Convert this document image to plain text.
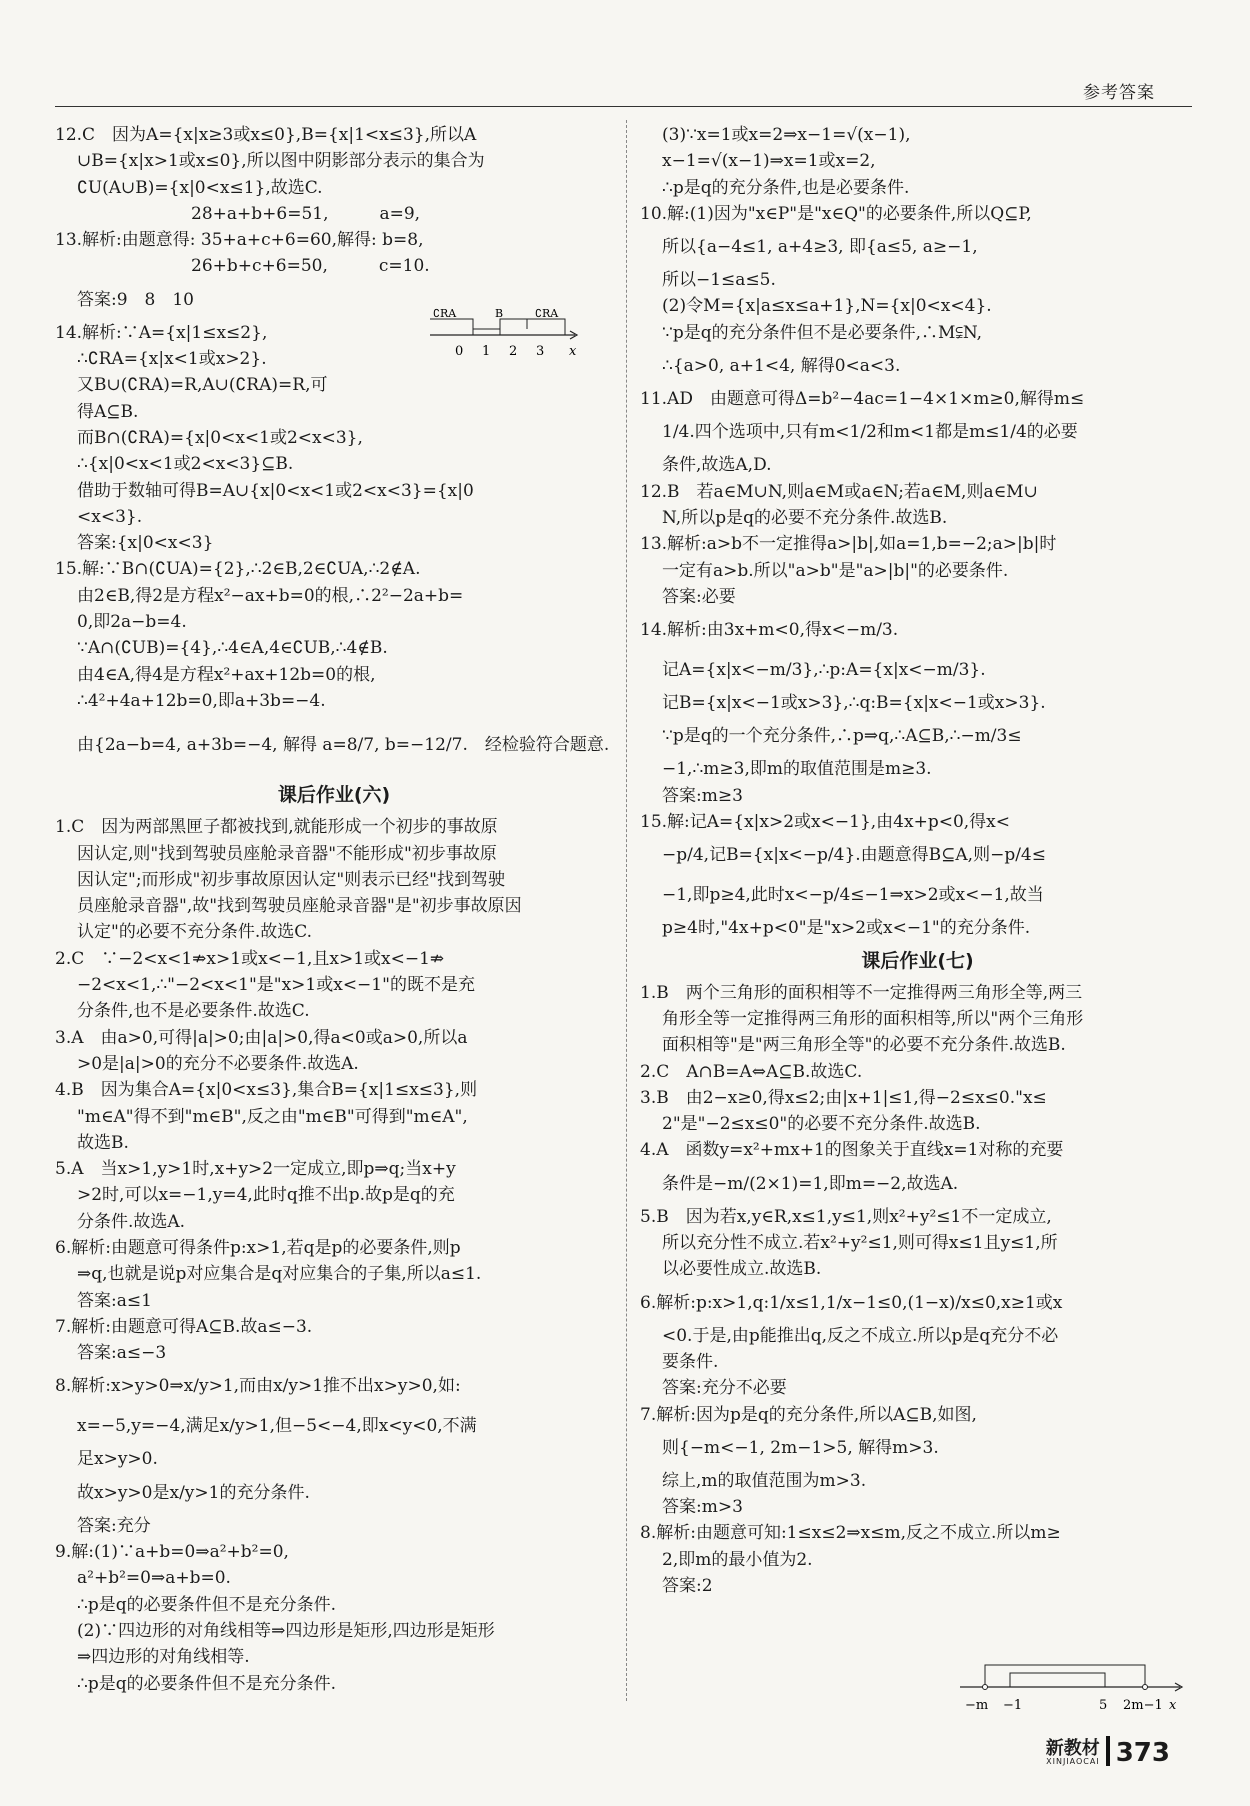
参考答案
12.C　因为A={x|x≥3或x≤0},B={x|1<x≤3},所以A
∪B={x|x>1或x≤0},所以图中阴影部分表示的集合为
∁U(A∪B)={x|0<x≤1},故选C.
　　　　　　　　28+a+b+6=51,　　　a=9,
13.解析:由题意得: 35+a+c+6=60,解得: b=8,
　　　　　　　　26+b+c+6=50,　　　c=10.
答案:9　8　10
14.解析:∵A={x|1≤x≤2},
∴∁RA={x|x<1或x>2}.
又B∪(∁RA)=R,A∪(∁RA)=R,可
得A⊆B.
而B∩(∁RA)={x|0<x<1或2<x<3},
∴{x|0<x<1或2<x<3}⊆B.
借助于数轴可得B=A∪{x|0<x<1或2<x<3}={x|0
<x<3}.
答案:{x|0<x<3}
15.解:∵B∩(∁UA)={2},∴2∈B,2∈∁UA,∴2∉A.
由2∈B,得2是方程x²−ax+b=0的根,∴2²−2a+b=
0,即2a−b=4.
∵A∩(∁UB)={4},∴4∈A,4∈∁UB,∴4∉B.
由4∈A,得4是方程x²+ax+12b=0的根,
∴4²+4a+12b=0,即a+3b=−4.
由{2a−b=4, a+3b=−4, 解得 a=8/7, b=−12/7.　经检验符合题意.
课后作业(六)
1.C　因为两部黑匣子都被找到,就能形成一个初步的事故原
因认定,则"找到驾驶员座舱录音器"不能形成"初步事故原
因认定";而形成"初步事故原因认定"则表示已经"找到驾驶
员座舱录音器",故"找到驾驶员座舱录音器"是"初步事故原因
认定"的必要不充分条件.故选C.
2.C　∵−2<x<1⇏x>1或x<−1,且x>1或x<−1⇏
−2<x<1,∴"−2<x<1"是"x>1或x<−1"的既不是充
分条件,也不是必要条件.故选C.
3.A　由a>0,可得|a|>0;由|a|>0,得a<0或a>0,所以a
>0是|a|>0的充分不必要条件.故选A.
4.B　因为集合A={x|0<x≤3},集合B={x|1≤x≤3},则
"m∈A"得不到"m∈B",反之由"m∈B"可得到"m∈A",
故选B.
5.A　当x>1,y>1时,x+y>2一定成立,即p⇒q;当x+y
>2时,可以x=−1,y=4,此时q推不出p.故p是q的充
分条件.故选A.
6.解析:由题意可得条件p:x>1,若q是p的必要条件,则p
⇒q,也就是说p对应集合是q对应集合的子集,所以a≤1.
答案:a≤1
7.解析:由题意可得A⊆B.故a≤−3.
答案:a≤−3
8.解析:x>y>0⇒x/y>1,而由x/y>1推不出x>y>0,如:
x=−5,y=−4,满足x/y>1,但−5<−4,即x<y<0,不满
足x>y>0.
故x>y>0是x/y>1的充分条件.
答案:充分
9.解:(1)∵a+b=0⇒a²+b²=0,
a²+b²=0⇒a+b=0.
∴p是q的必要条件但不是充分条件.
(2)∵四边形的对角线相等⇒四边形是矩形,四边形是矩形
⇒四边形的对角线相等.
∴p是q的必要条件但不是充分条件.
(3)∵x=1或x=2⇒x−1=√(x−1),
x−1=√(x−1)⇒x=1或x=2,
∴p是q的充分条件,也是必要条件.
10.解:(1)因为"x∈P"是"x∈Q"的必要条件,所以Q⊆P,
所以{a−4≤1, a+4≥3, 即{a≤5, a≥−1,
所以−1≤a≤5.
(2)令M={x|a≤x≤a+1},N={x|0<x<4}.
∵p是q的充分条件但不是必要条件,∴M⫋N,
∴{a>0, a+1<4, 解得0<a<3.
11.AD　由题意可得Δ=b²−4ac=1−4×1×m≥0,解得m≤
1/4.四个选项中,只有m<1/2和m<1都是m≤1/4的必要
条件,故选A,D.
12.B　若a∈M∪N,则a∈M或a∈N;若a∈M,则a∈M∪
N,所以p是q的必要不充分条件.故选B.
13.解析:a>b不一定推得a>|b|,如a=1,b=−2;a>|b|时
一定有a>b.所以"a>b"是"a>|b|"的必要条件.
答案:必要
14.解析:由3x+m<0,得x<−m/3.
记A={x|x<−m/3},∴p:A={x|x<−m/3}.
记B={x|x<−1或x>3},∴q:B={x|x<−1或x>3}.
∵p是q的一个充分条件,∴p⇒q,∴A⊆B,∴−m/3≤
−1,∴m≥3,即m的取值范围是m≥3.
答案:m≥3
15.解:记A={x|x>2或x<−1},由4x+p<0,得x<
−p/4,记B={x|x<−p/4}.由题意得B⊆A,则−p/4≤
−1,即p≥4,此时x<−p/4≤−1⇒x>2或x<−1,故当
p≥4时,"4x+p<0"是"x>2或x<−1"的充分条件.
课后作业(七)
1.B　两个三角形的面积相等不一定推得两三角形全等,两三
角形全等一定推得两三角形的面积相等,所以"两个三角形
面积相等"是"两三角形全等"的必要不充分条件.故选B.
2.C　A∩B=A⇔A⊆B.故选C.
3.B　由2−x≥0,得x≤2;由|x+1|≤1,得−2≤x≤0."x≤
2"是"−2≤x≤0"的必要不充分条件.故选B.
4.A　函数y=x²+mx+1的图象关于直线x=1对称的充要
条件是−m/(2×1)=1,即m=−2,故选A.
5.B　因为若x,y∈R,x≤1,y≤1,则x²+y²≤1不一定成立,
所以充分性不成立.若x²+y²≤1,则可得x≤1且y≤1,所
以必要性成立.故选B.
6.解析:p:x>1,q:1/x≤1,1/x−1≤0,(1−x)/x≤0,x≥1或x
<0.于是,由p能推出q,反之不成立.所以p是q充分不必
要条件.
答案:充分不必要
7.解析:因为p是q的充分条件,所以A⊆B,如图,
则{−m<−1, 2m−1>5, 解得m>3.
综上,m的取值范围为m>3.
答案:m>3
8.解析:由题意可知:1≤x≤2⇒x≤m,反之不成立.所以m≥
2,即m的最小值为2.
答案:2
∁RA	B	∁RA
0 1 2 3 x
−m −1	5 2m−1 x
新教材
XINJIAOCAI 373
